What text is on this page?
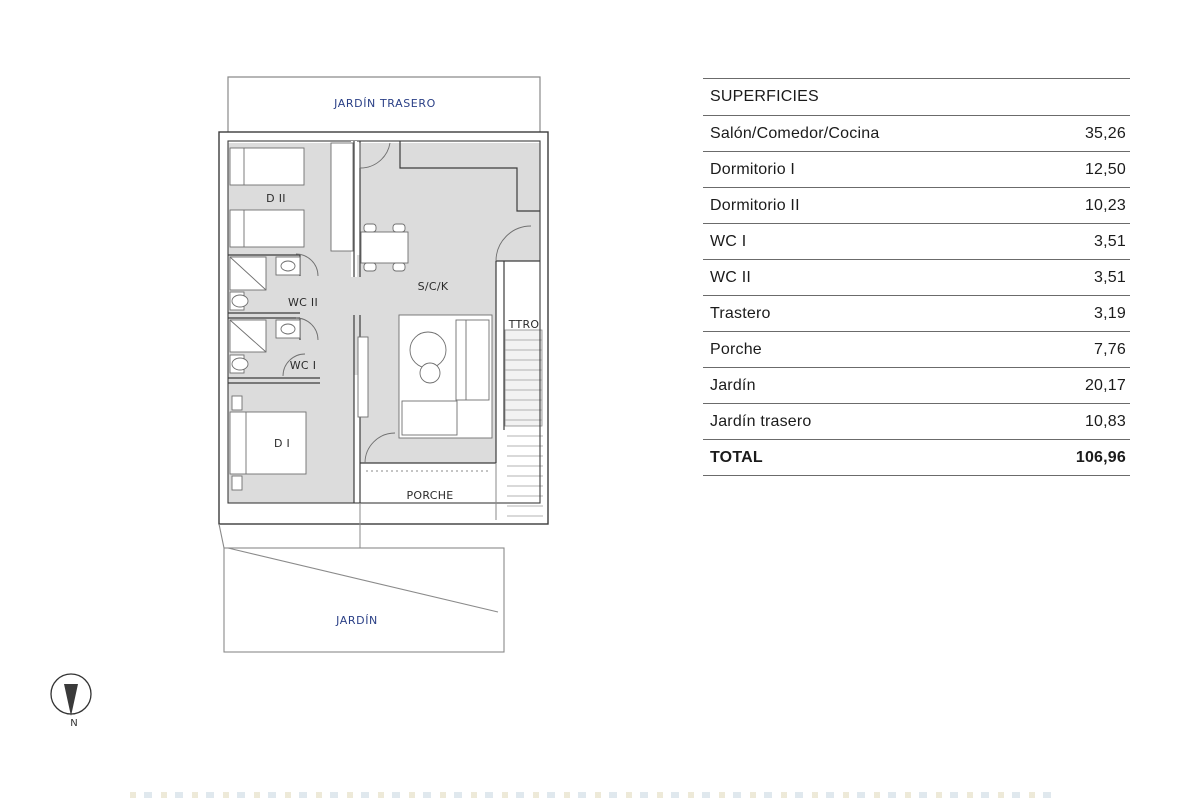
JARDÍN TRASERO
D II
WC II
WC I
S/C/K
TTRO
D I
PORCHE
JARDÍN
N
SUPERFICIES
Salón/Comedor/Cocina	35,26
Dormitorio I	12,50
Dormitorio II	10,23
WC I	3,51
WC II	3,51
Trastero	3,19
Porche	7,76
Jardín	20,17
Jardín trasero	10,83
TOTAL	106,96
